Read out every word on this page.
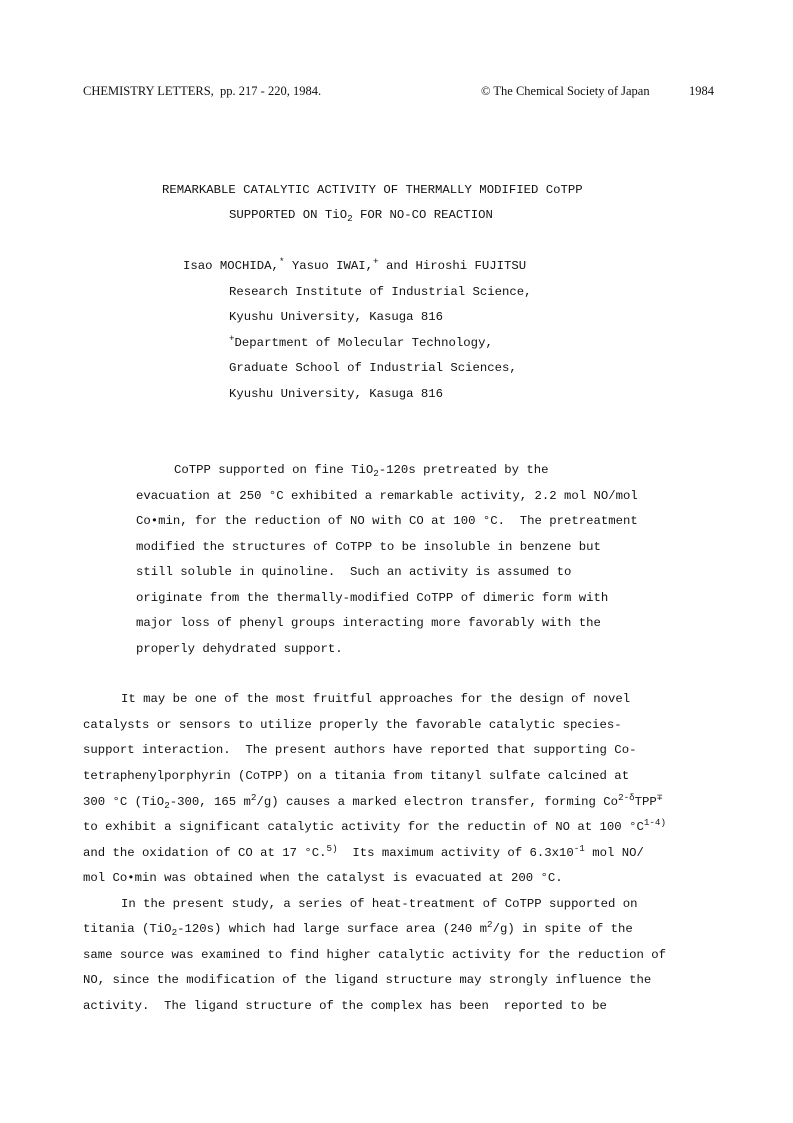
CHEMISTRY LETTERS,  pp. 217 - 220, 1984.	© The Chemical Society of Japan	1984
REMARKABLE CATALYTIC ACTIVITY OF THERMALLY MODIFIED CoTPP
SUPPORTED ON TiO$_2$ FOR NO-CO REACTION
Isao MOCHIDA,* Yasuo IWAI,+ and Hiroshi FUJITSU
Research Institute of Industrial Science,
Kyushu University, Kasuga 816
+Department of Molecular Technology,
Graduate School of Industrial Sciences,
Kyushu University, Kasuga 816
CoTPP supported on fine TiO$_2$-120s pretreated by the
evacuation at 250 °C exhibited a remarkable activity, 2.2 mol NO/mol
Co•min, for the reduction of NO with CO at 100 °C.  The pretreatment
modified the structures of CoTPP to be insoluble in benzene but
still soluble in quinoline.  Such an activity is assumed to
originate from the thermally-modified CoTPP of dimeric form with
major loss of phenyl groups interacting more favorably with the
properly dehydrated support.
It may be one of the most fruitful approaches for the design of novel
catalysts or sensors to utilize properly the favorable catalytic species-
support interaction.  The present authors have reported that supporting Co-
tetraphenylporphyrin (CoTPP) on a titania from titanyl sulfate calcined at
300 °C (TiO$_2$-300, 165 $m^2/g$) causes a marked electron transfer, forming $Co^{2-\delta}TPP^\mp$
to exhibit a significant catalytic activity for the reductin of NO at 100 $^\circ C^{1-4)}$
and the oxidation of CO at 17 °C.$^{5)}$  Its maximum activity of $6.3x10^{-1}$ mol NO/
mol Co•min was obtained when the catalyst is evacuated at 200 °C.
In the present study, a series of heat-treatment of CoTPP supported on
titania (TiO$_2$-120s) which had large surface area (240 $m^2/g$) in spite of the
same source was examined to find higher catalytic activity for the reduction of
NO, since the modification of the ligand structure may strongly influence the
activity.  The ligand structure of the complex has been  reported to be
